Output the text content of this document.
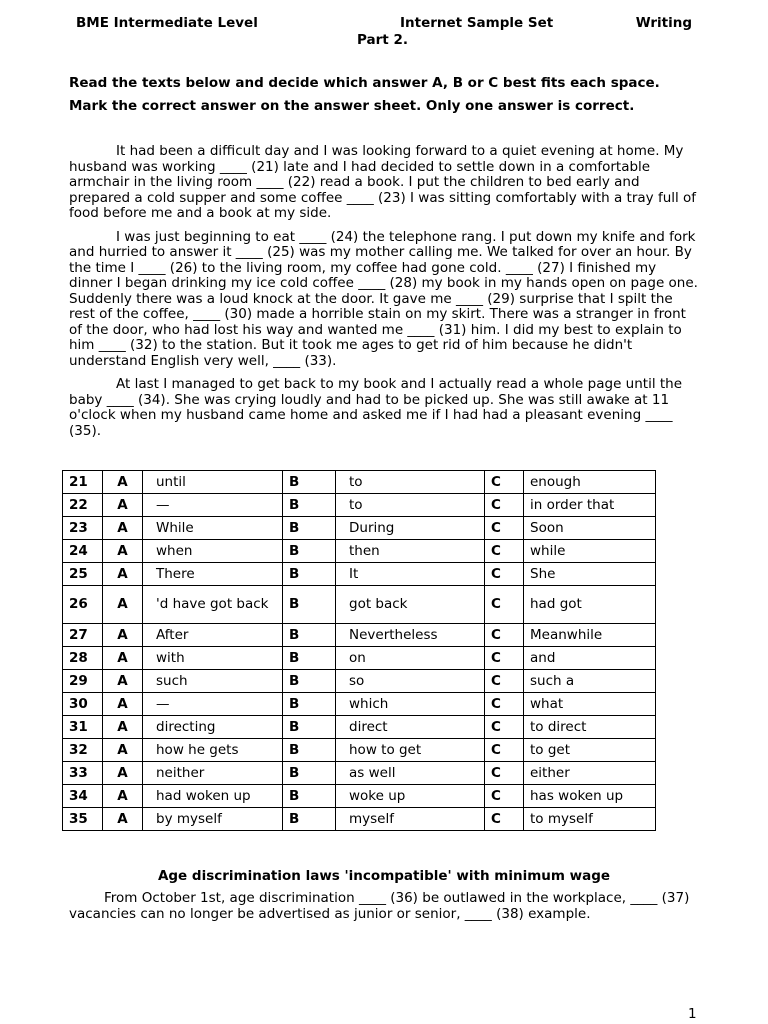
BME Intermediate Level	Internet Sample Set	Writing
Part 2.

Read the texts below and decide which answer A, B or C best fits each space.

Mark the correct answer on the answer sheet. Only one answer is correct.

It had been a difficult day and I was looking forward to a quiet evening at home. My husband was working ____ (21) late and I had decided to settle down in a comfortable armchair in the living room ____ (22) read a book. I put the children to bed early and prepared a cold supper and some coffee ____ (23) I was sitting comfortably with a tray full of food before me and a book at my side.

I was just beginning to eat ____ (24) the telephone rang. I put down my knife and fork and hurried to answer it ____ (25) was my mother calling me. We talked for over an hour. By the time I ____ (26) to the living room, my coffee had gone cold. ____ (27) I finished my dinner I began drinking my ice cold coffee ____ (28) my book in my hands open on page one. Suddenly there was a loud knock at the door. It gave me ____ (29) surprise that I spilt the rest of the coffee, ____ (30) made a horrible stain on my skirt. There was a stranger in front of the door, who had lost his way and wanted me ____ (31) him. I did my best to explain to him ____ (32) to the station. But it took me ages to get rid of him because he didn't understand English very well, ____ (33).

At last I managed to get back to my book and I actually read a whole page until the baby ____ (34). She was crying loudly and had to be picked up. She was still awake at 11 o'clock when my husband came home and asked me if I had had a pleasant evening ____ (35).

21	A	until	B	to	C	enough
22	A	—	B	to	C	in order that
23	A	While	B	During	C	Soon
24	A	when	B	then	C	while
25	A	There	B	It	C	She
26	A	'd have got back	B	got back	C	had got
27	A	After	B	Nevertheless	C	Meanwhile
28	A	with	B	on	C	and
29	A	such	B	so	C	such a
30	A	—	B	which	C	what
31	A	directing	B	direct	C	to direct
32	A	how he gets	B	how to get	C	to get
33	A	neither	B	as well	C	either
34	A	had woken up	B	woke up	C	has woken up
35	A	by myself	B	myself	C	to myself
Age discrimination laws 'incompatible' with minimum wage

From October 1st, age discrimination ____ (36) be outlawed in the workplace, ____ (37) vacancies can no longer be advertised as junior or senior, ____ (38) example.

1
